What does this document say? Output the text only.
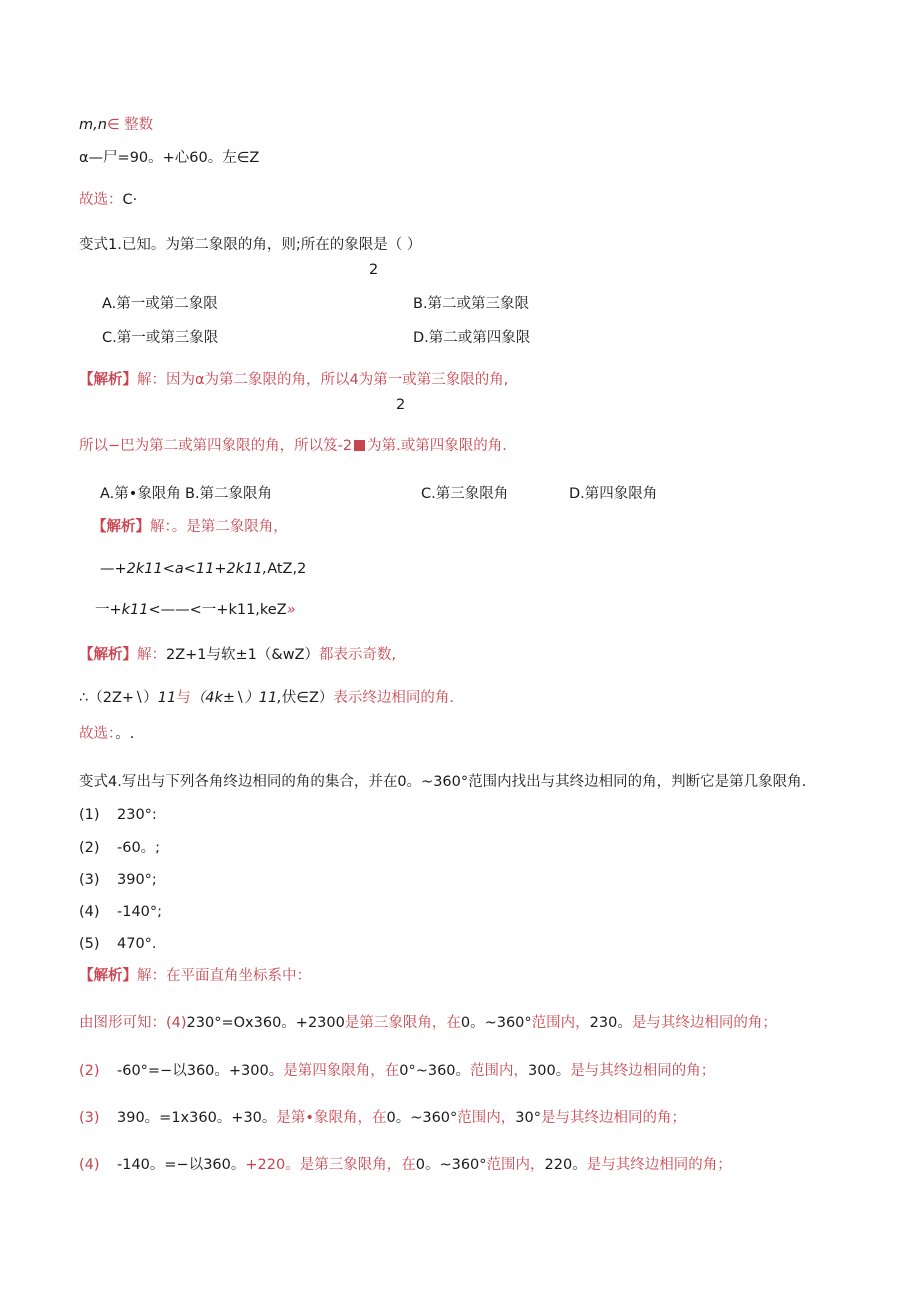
m,n∈ 整数
α—尸=90。+心60。左∈Z
故选：C·
变式1.已知。为第二象限的角，则;所在的象限是（ ）
2
A.第一或第二象限	B.第二或第三象限
C.第一或第三象限	D.第二或第四象限
【解析】解：因为α为第二象限的角，所以4为第一或第三象限的角,
2
所以−巴为第二或第四象限的角，所以笈-2 为第.或第四象限的角.
A.第•象限角 B.第二象限角	C.第三象限角	D.第四象限角
【解析】解：。是第二象限角，
—+2k11<a<11+2k11,AtZ,2
一+k11<——<一+k11,keZ»
【解析】解：2Z+1与软±1（&wZ）都表示奇数,
∴（2Z+∖）11与（4k±∖）11,伏∈Z）表示终边相同的角.
故选：。.
变式4.写出与下列各角终边相同的角的集合，并在0。~360°范围内找出与其终边相同的角，判断它是第几象限角.
(1) 230°:
(2) -60。;
(3) 390°;
(4) -140°;
(5) 470°.
【解析】解：在平面直角坐标系中：
由图形可知：(4)230°=Ox360。+2300是第三象限角，在0。~360°范围内，230。是与其终边相同的角；
(2) -60°=−以360。+300。是第四象限角，在0°~360。范围内，300。是与其终边相同的角；
(3) 390。=1x360。+30。是第•象限角，在0。~360°范围内，30°是与其终边相同的角；
(4) -140。=−以360。+220。是第三象限角，在0。~360°范围内，220。是与其终边相同的角；
